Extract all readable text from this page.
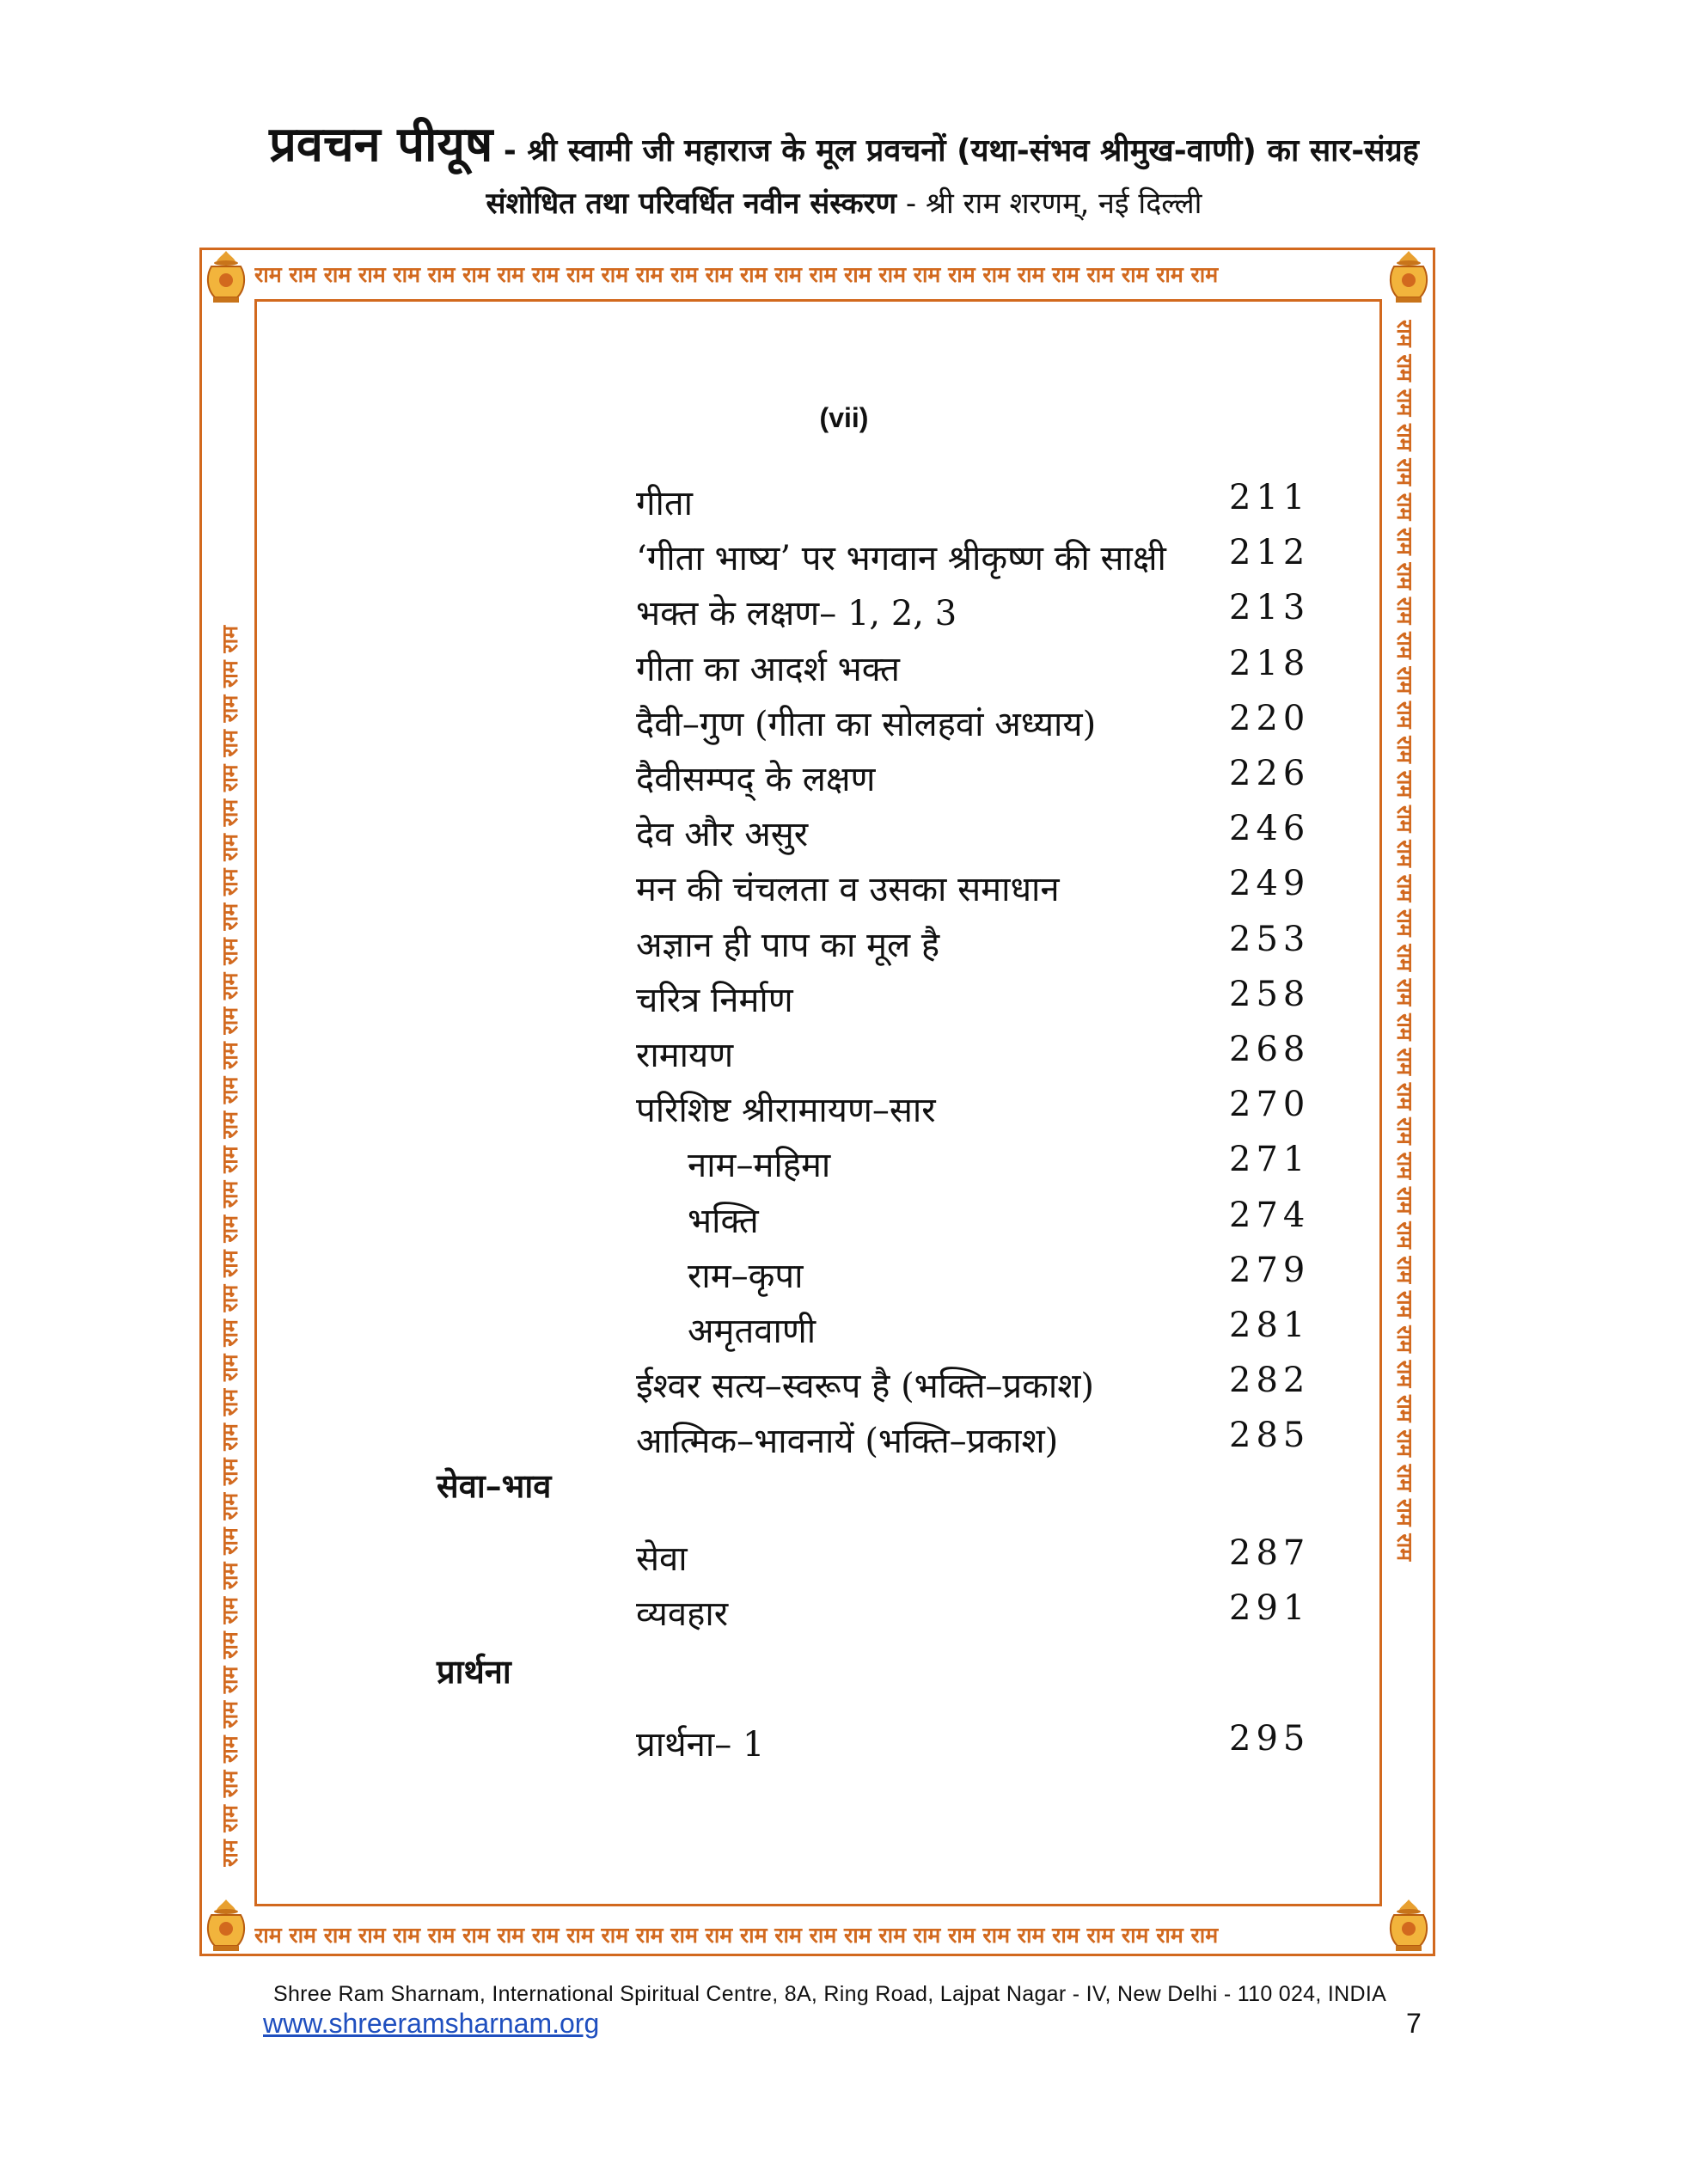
प्रवचन पीयूष - श्री स्वामी जी महाराज के मूल प्रवचनों (यथा-संभव श्रीमुख-वाणी) का सार-संग्रह
संशोधित तथा परिवर्धित नवीन संस्करण - श्री राम शरणम्, नई दिल्ली
राम राम राम राम राम राम राम राम राम राम राम राम राम राम राम राम राम राम राम राम राम राम राम राम राम राम राम राम
राम राम राम राम राम राम राम राम राम राम राम राम राम राम राम राम राम राम राम राम राम राम राम राम राम राम राम राम
राम राम राम राम राम राम राम राम राम राम राम राम राम राम राम राम राम राम राम राम राम राम राम राम राम राम राम राम राम राम राम राम राम राम राम राम	राम राम राम राम राम राम राम राम राम राम राम राम राम राम राम राम राम राम राम राम राम राम राम राम राम राम राम राम राम राम राम राम राम राम राम राम
(vii)
गीता	211
‘गीता भाष्य’ पर भगवान श्रीकृष्ण की साक्षी 212
भक्त के लक्षण– 1, 2, 3	213
गीता का आदर्श भक्त	218
दैवी–गुण (गीता का सोलहवां अध्याय)	220
दैवीसम्पद् के लक्षण	226
देव और असुर	246
मन की चंचलता व उसका समाधान	249
अज्ञान ही पाप का मूल है	253
चरित्र निर्माण	258
रामायण	268
परिशिष्ट श्रीरामायण–सार	270
नाम–महिमा	271
भक्ति	274
राम–कृपा	279
अमृतवाणी	281
ईश्वर सत्य–स्वरूप है (भक्ति–प्रकाश)	282
आत्मिक–भावनायें (भक्ति–प्रकाश)	285
सेवा–भाव
सेवा	287
व्यवहार	291
प्रार्थना
प्रार्थना– 1	295
Shree Ram Sharnam, International Spiritual Centre, 8A, Ring Road, Lajpat Nagar - IV, New Delhi - 110 024, INDIA
www.shreeramsharnam.org	7
